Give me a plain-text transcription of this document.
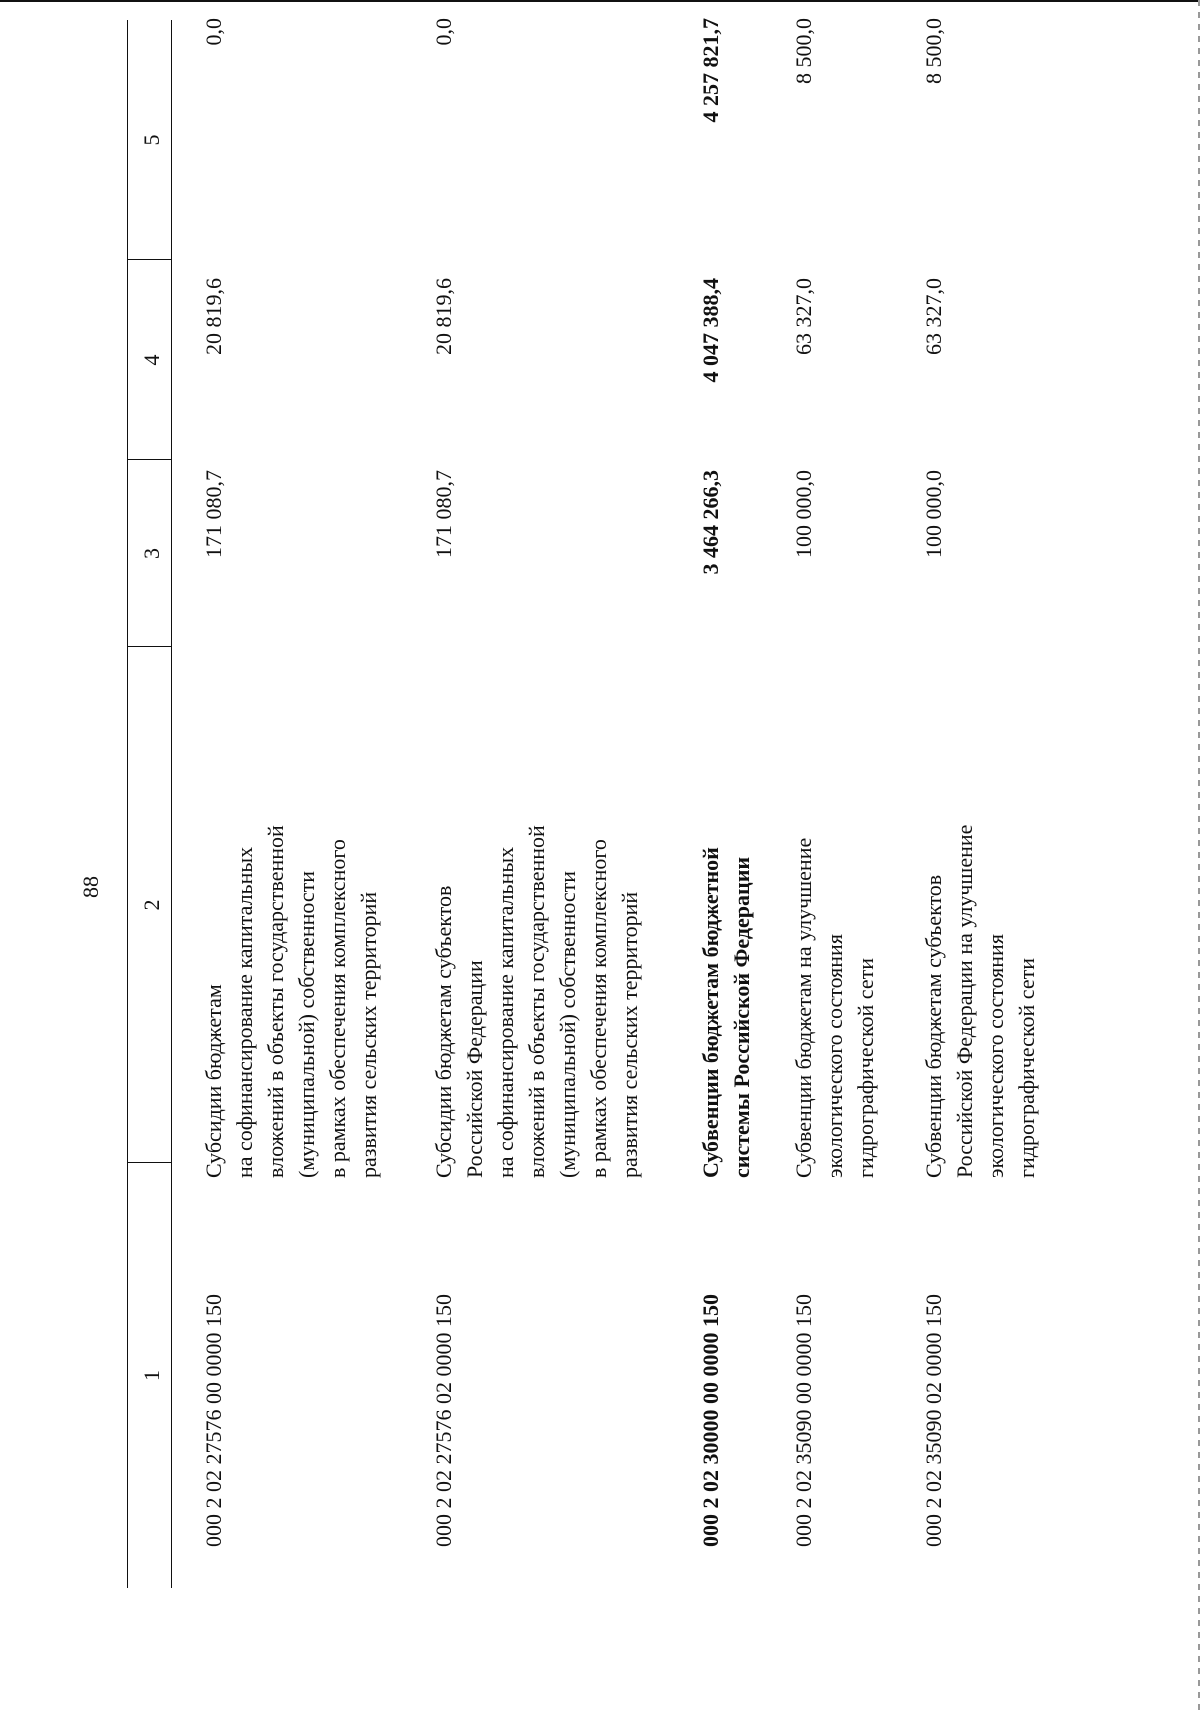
88
1
2
3
4
5
000 2 02 27576 00 0000 150
Субсидии бюджетам на софинансирование капитальных вложений в объекты государственной (муниципальной) собственности в рамках обеспечения комплексного развития сельских территорий
171 080,7
20 819,6
0,0
000 2 02 27576 02 0000 150
Субсидии бюджетам субъектов Российской Федерации на софинансирование капитальных вложений в объекты государственной (муниципальной) собственности в рамках обеспечения комплексного развития сельских территорий
171 080,7
20 819,6
0,0
000 2 02 30000 00 0000 150
Субвенции бюджетам бюджетной системы Российской Федерации
3 464 266,3
4 047 388,4
4 257 821,7
000 2 02 35090 00 0000 150
Субвенции бюджетам на улучшение экологического состояния гидрографической сети
100 000,0
63 327,0
8 500,0
000 2 02 35090 02 0000 150
Субвенции бюджетам субъектов Российской Федерации на улучшение экологического состояния гидрографической сети
100 000,0
63 327,0
8 500,0
